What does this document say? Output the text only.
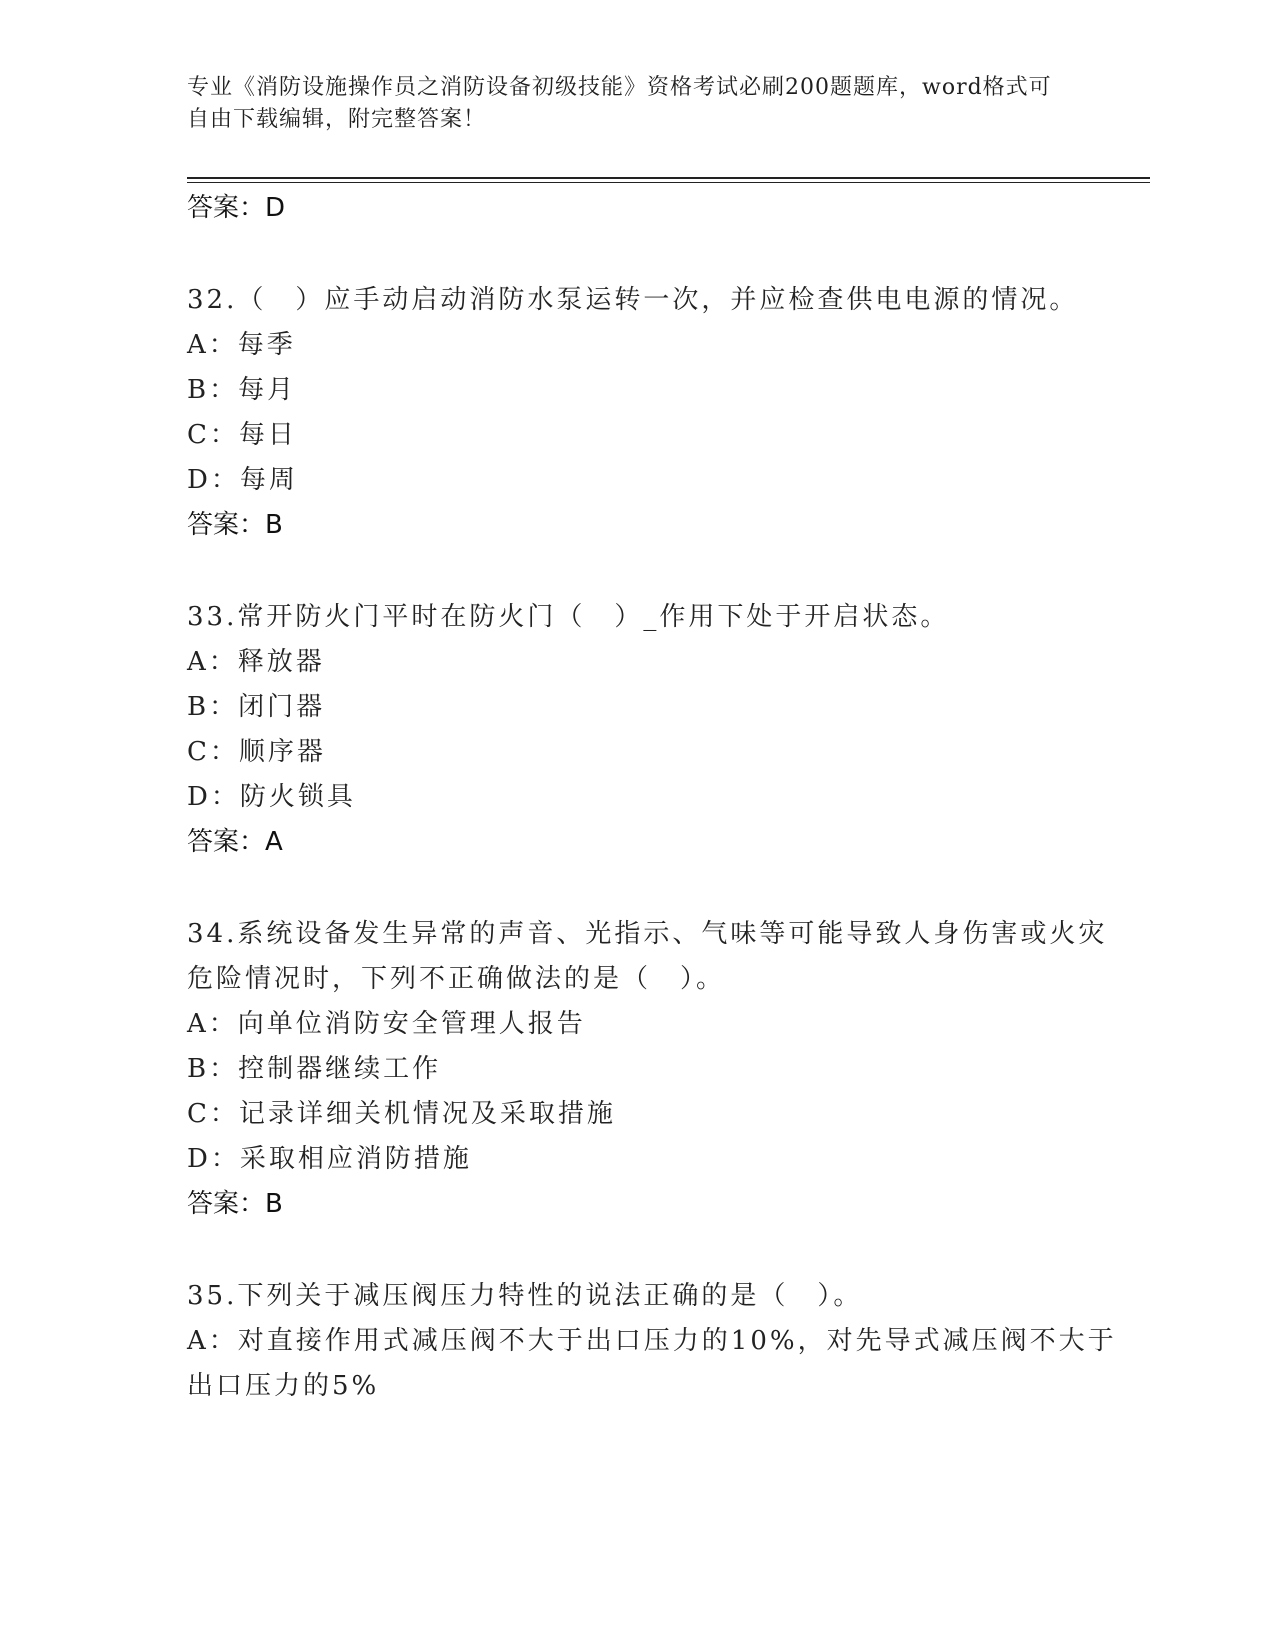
专业《消防设施操作员之消防设备初级技能》资格考试必刷200题题库，word格式可自由下载编辑，附完整答案！
答案：D
32.（　）应手动启动消防水泵运转一次，并应检查供电电源的情况。
A：每季
B：每月
C：每日
D：每周
答案：B
33.常开防火门平时在防火门（　）_作用下处于开启状态。
A：释放器
B：闭门器
C：顺序器
D：防火锁具
答案：A
34.系统设备发生异常的声音、光指示、气味等可能导致人身伤害或火灾危险情况时，下列不正确做法的是（　）。
A：向单位消防安全管理人报告
B：控制器继续工作
C：记录详细关机情况及采取措施
D：采取相应消防措施
答案：B
35.下列关于减压阀压力特性的说法正确的是（　）。
A：对直接作用式减压阀不大于出口压力的10%，对先导式减压阀不大于出口压力的5%
